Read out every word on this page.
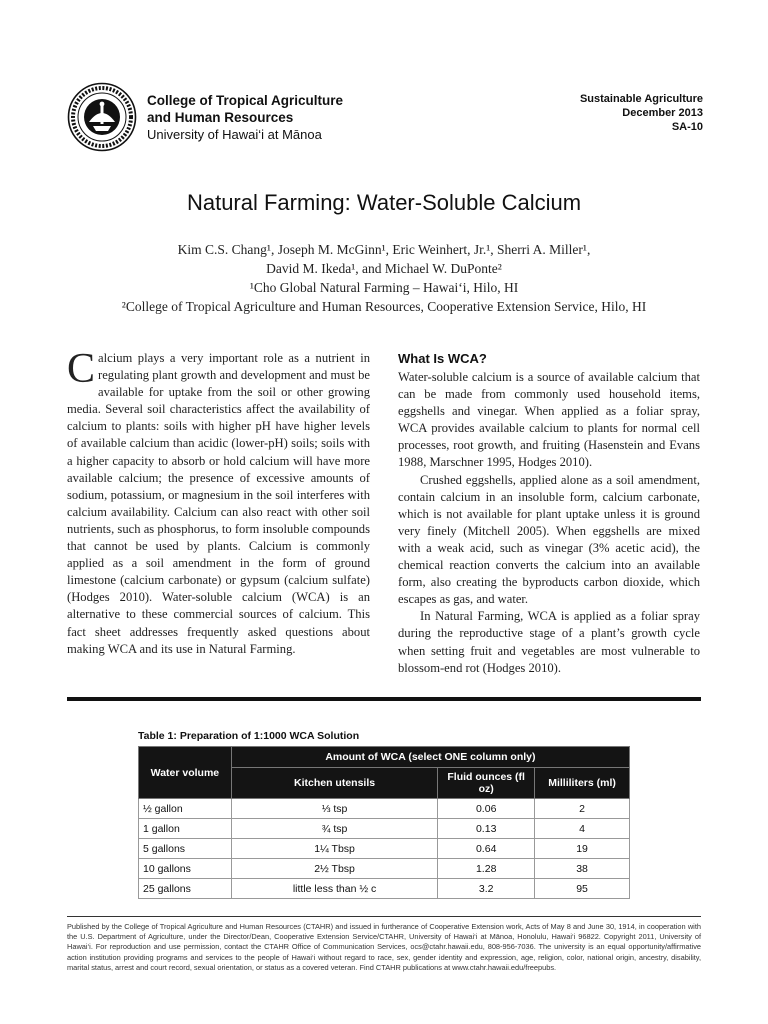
College of Tropical Agriculture
and Human Resources
University of Hawai‘i at Mānoa
Sustainable Agriculture
December 2013
SA-10
Natural Farming: Water-Soluble Calcium
Kim C.S. Chang¹, Joseph M. McGinn¹, Eric Weinhert, Jr.¹, Sherri A. Miller¹,
David M. Ikeda¹, and Michael W. DuPonte²
¹Cho Global Natural Farming – Hawai‘i, Hilo, HI
²College of Tropical Agriculture and Human Resources, Cooperative Extension Service, Hilo, HI

Calcium plays a very important role as a nutrient in regulating plant growth and development and must be available for uptake from the soil or other growing media. Several soil characteristics affect the availability of calcium to plants: soils with higher pH have higher levels of available calcium than acidic (lower-pH) soils; soils with a higher capacity to absorb or hold calcium will have more available calcium; the presence of excessive amounts of sodium, potassium, or magnesium in the soil interferes with calcium availability. Calcium can also react with other soil nutrients, such as phosphorus, to form insoluble compounds that cannot be used by plants. Calcium is commonly applied as a soil amendment in the form of ground limestone (calcium carbonate) or gypsum (calcium sulfate) (Hodges 2010). Water-soluble calcium (WCA) is an alternative to these commercial sources of calcium. This fact sheet addresses frequently asked questions about making WCA and its use in Natural Farming.

What Is WCA?

Water-soluble calcium is a source of available calcium that can be made from commonly used household items, eggshells and vinegar. When applied as a foliar spray, WCA provides available calcium to plants for normal cell processes, root growth, and fruiting (Hasenstein and Evans 1988, Marschner 1995, Hodges 2010).

Crushed eggshells, applied alone as a soil amendment, contain calcium in an insoluble form, calcium carbonate, which is not available for plant uptake unless it is ground very finely (Mitchell 2005). When eggshells are mixed with a weak acid, such as vinegar (3% acetic acid), the chemical reaction converts the calcium into an available form, also creating the byproducts carbon dioxide, which escapes as gas, and water.

In Natural Farming, WCA is applied as a foliar spray during the reproductive stage of a plant’s growth cycle when setting fruit and vegetables are most vulnerable to blossom-end rot (Hodges 2010).

Table 1: Preparation of 1:1000 WCA Solution
Water volume	Amount of WCA (select ONE column only)		
	Kitchen utensils	Fluid ounces (fl oz)	Milliliters (ml)
½ gallon	⅓ tsp	0.06	2
1 gallon	¾ tsp	0.13	4
5 gallons	1¼ Tbsp	0.64	19
10 gallons	2½ Tbsp	1.28	38
25 gallons	little less than ½ c	3.2	95
Published by the College of Tropical Agriculture and Human Resources (CTAHR) and issued in furtherance of Cooperative Extension work, Acts of May 8 and June 30, 1914, in cooperation with the U.S. Department of Agriculture, under the Director/Dean, Cooperative Extension Service/CTAHR, University of Hawai‘i at Mānoa, Honolulu, Hawai‘i 96822. Copyright 2011, University of Hawai‘i. For reproduction and use permission, contact the CTAHR Office of Communication Services, ocs@ctahr.hawaii.edu, 808-956-7036. The university is an equal opportunity/affirmative action institution providing programs and services to the people of Hawai‘i without regard to race, sex, gender identity and expression, age, religion, color, national origin, ancestry, disability, marital status, arrest and court record, sexual orientation, or status as a covered veteran. Find CTAHR publications at www.ctahr.hawaii.edu/freepubs.
